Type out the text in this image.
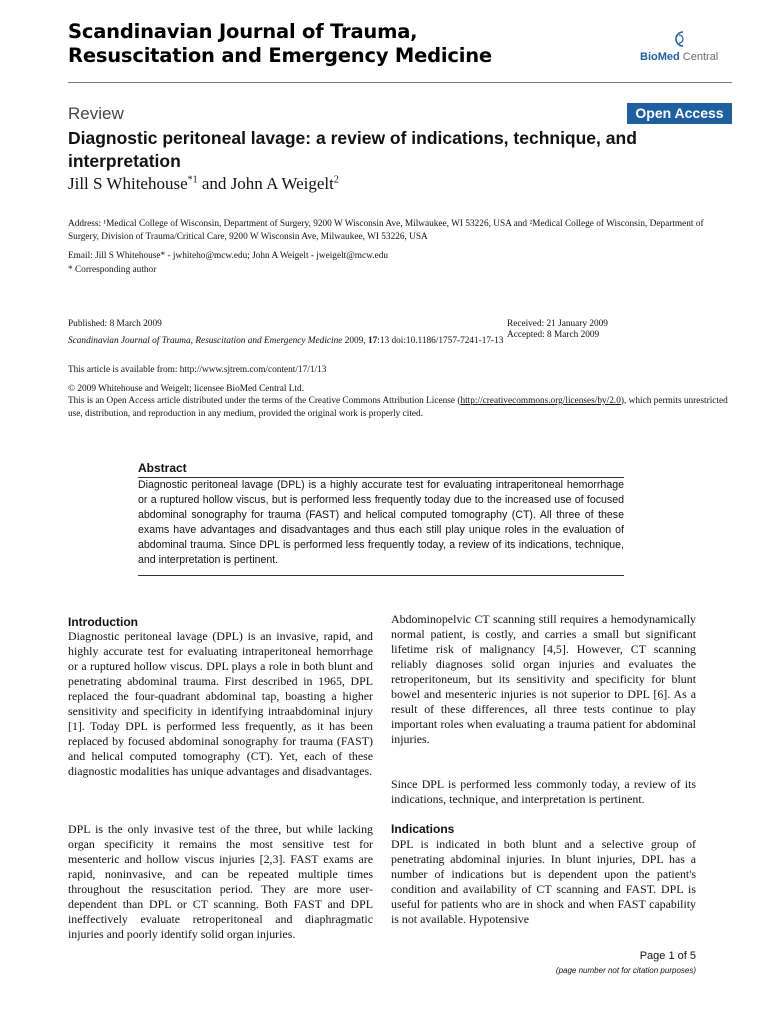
Scandinavian Journal of Trauma,
Resuscitation and Emergency Medicine	BioMed Central
Review	Open Access
Diagnostic peritoneal lavage: a review of indications, technique, and interpretation
Jill S Whitehouse$^{*1}$ and John A Weigelt$^2$
Address: ¹Medical College of Wisconsin, Department of Surgery, 9200 W Wisconsin Ave, Milwaukee, WI 53226, USA and ²Medical College of Wisconsin, Department of Surgery, Division of Trauma/Critical Care, 9200 W Wisconsin Ave, Milwaukee, WI 53226, USA
Email: Jill S Whitehouse* - jwhiteho@mcw.edu; John A Weigelt - jweigelt@mcw.edu
* Corresponding author
Published: 8 March 2009
Scandinavian Journal of Trauma, Resuscitation and Emergency Medicine 2009, 17:13 doi:10.1186/1757-7241-17-13
Received: 21 January 2009
Accepted: 8 March 2009
This article is available from: http://www.sjtrem.com/content/17/1/13
© 2009 Whitehouse and Weigelt; licensee BioMed Central Ltd.
This is an Open Access article distributed under the terms of the Creative Commons Attribution License (http://creativecommons.org/licenses/by/2.0), which permits unrestricted use, distribution, and reproduction in any medium, provided the original work is properly cited.
Abstract
Diagnostic peritoneal lavage (DPL) is a highly accurate test for evaluating intraperitoneal hemorrhage or a ruptured hollow viscus, but is performed less frequently today due to the increased use of focused abdominal sonography for trauma (FAST) and helical computed tomography (CT). All three of these exams have advantages and disadvantages and thus each still play unique roles in the evaluation of abdominal trauma. Since DPL is performed less frequently today, a review of its indications, technique, and interpretation is pertinent.
Introduction
Diagnostic peritoneal lavage (DPL) is an invasive, rapid, and highly accurate test for evaluating intraperitoneal hemorrhage or a ruptured hollow viscus. DPL plays a role in both blunt and penetrating abdominal trauma. First described in 1965, DPL replaced the four-quadrant abdominal tap, boasting a higher sensitivity and specificity in identifying intraabdominal injury [1]. Today DPL is performed less frequently, as it has been replaced by focused abdominal sonography for trauma (FAST) and helical computed tomography (CT). Yet, each of these diagnostic modalities has unique advantages and disadvantages.
DPL is the only invasive test of the three, but while lacking organ specificity it remains the most sensitive test for mesenteric and hollow viscus injuries [2,3]. FAST exams are rapid, noninvasive, and can be repeated multiple times throughout the resuscitation period. They are more user-dependent than DPL or CT scanning. Both FAST and DPL ineffectively evaluate retroperitoneal and diaphragmatic injuries and poorly identify solid organ injuries.
Abdominopelvic CT scanning still requires a hemodynamically normal patient, is costly, and carries a small but significant lifetime risk of malignancy [4,5]. However, CT scanning reliably diagnoses solid organ injuries and evaluates the retroperitoneum, but its sensitivity and specificity for blunt bowel and mesenteric injuries is not superior to DPL [6]. As a result of these differences, all three tests continue to play important roles when evaluating a trauma patient for abdominal injuries.
Since DPL is performed less commonly today, a review of its indications, technique, and interpretation is pertinent.
Indications
DPL is indicated in both blunt and a selective group of penetrating abdominal injuries. In blunt injuries, DPL has a number of indications but is dependent upon the patient's condition and availability of CT scanning and FAST. DPL is useful for patients who are in shock and when FAST capability is not available. Hypotensive
Page 1 of 5
(page number not for citation purposes)
